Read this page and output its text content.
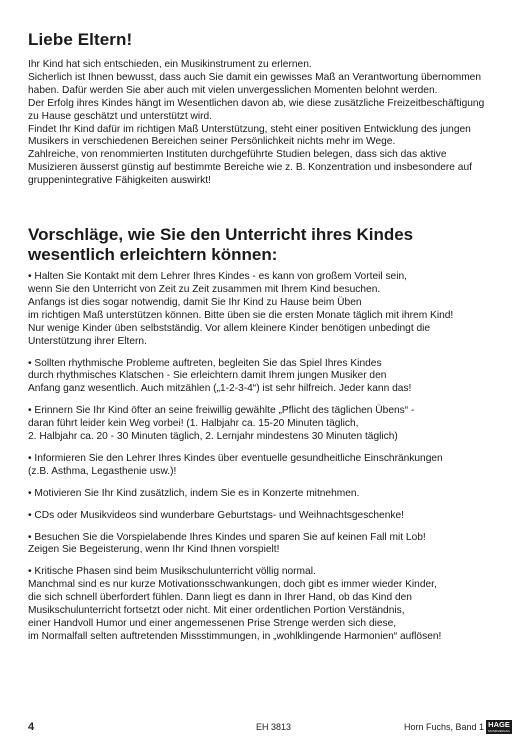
Liebe Eltern!

Ihr Kind hat sich entschieden, ein Musikinstrument zu erlernen.

Sicherlich ist Ihnen bewusst, dass auch Sie damit ein gewisses Maß an Verantwortung übernommen

haben. Dafür werden Sie aber auch mit vielen unvergesslichen Momenten belohnt werden.

Der Erfolg ihres Kindes hängt im Wesentlichen davon ab, wie diese zusätzliche Freizeitbeschäftigung

zu Hause geschätzt und unterstützt wird.

Findet Ihr Kind dafür im richtigen Maß Unterstützung, steht einer positiven Entwicklung des jungen

Musikers in verschiedenen Bereichen seiner Persönlichkeit nichts mehr im Wege.

Zahlreiche, von renommierten Instituten durchgeführte Studien belegen, dass sich das aktive

Musizieren äusserst günstig auf bestimmte Bereiche wie z. B. Konzentration und insbesondere auf

gruppenintegrative Fähigkeiten auswirkt!

Vorschläge, wie Sie den Unterricht ihres Kindes
wesentlich erleichtern können:
• Halten Sie Kontakt mit dem Lehrer Ihres Kindes - es kann von großem Vorteil sein,
wenn Sie den Unterricht von Zeit zu Zeit zusammen mit Ihrem Kind besuchen.
Anfangs ist dies sogar notwendig, damit Sie Ihr Kind zu Hause beim Üben
im richtigen Maß unterstützen können. Bitte üben sie die ersten Monate täglich mit ihrem Kind!
Nur wenige Kinder üben selbstständig. Vor allem kleinere Kinder benötigen unbedingt die
Unterstützung ihrer Eltern.
• Sollten rhythmische Probleme auftreten, begleiten Sie das Spiel Ihres Kindes
durch rhythmisches Klatschen - Sie erleichtern damit Ihrem jungen Musiker den
Anfang ganz wesentlich. Auch mitzählen („1-2-3-4“) ist sehr hilfreich. Jeder kann das!
• Erinnern Sie Ihr Kind öfter an seine freiwillig gewählte „Pflicht des täglichen Übens“ -
daran führt leider kein Weg vorbei! (1. Halbjahr ca. 15-20 Minuten täglich,
2. Halbjahr ca. 20 - 30 Minuten täglich, 2. Lernjahr mindestens 30 Minuten täglich)
• Informieren Sie den Lehrer Ihres Kindes über eventuelle gesundheitliche Einschränkungen
(z.B. Asthma, Legasthenie usw.)!
• Motivieren Sie Ihr Kind zusätzlich, indem Sie es in Konzerte mitnehmen.
• CDs oder Musikvideos sind wunderbare Geburtstags- und Weihnachtsgeschenke!
• Besuchen Sie die Vorspielabende Ihres Kindes und sparen Sie auf keinen Fall mit Lob!
Zeigen Sie Begeisterung, wenn Ihr Kind Ihnen vorspielt!
• Kritische Phasen sind beim Musikschulunterricht völlig normal.
Manchmal sind es nur kurze Motivationsschwankungen, doch gibt es immer wieder Kinder,
die sich schnell überfordert fühlen. Dann liegt es dann in Ihrer Hand, ob das Kind den
Musikschulunterricht fortsetzt oder nicht. Mit einer ordentlichen Portion Verständnis,
einer Handvoll Humor und einer angemessenen Prise Strenge werden sich diese,
im Normalfall selten auftretenden Missstimmungen, in „wohlklingende Harmonien“ auflösen!
4	EH 3813	Horn Fuchs, Band 1 HAGE
MUSIKVERLAG
